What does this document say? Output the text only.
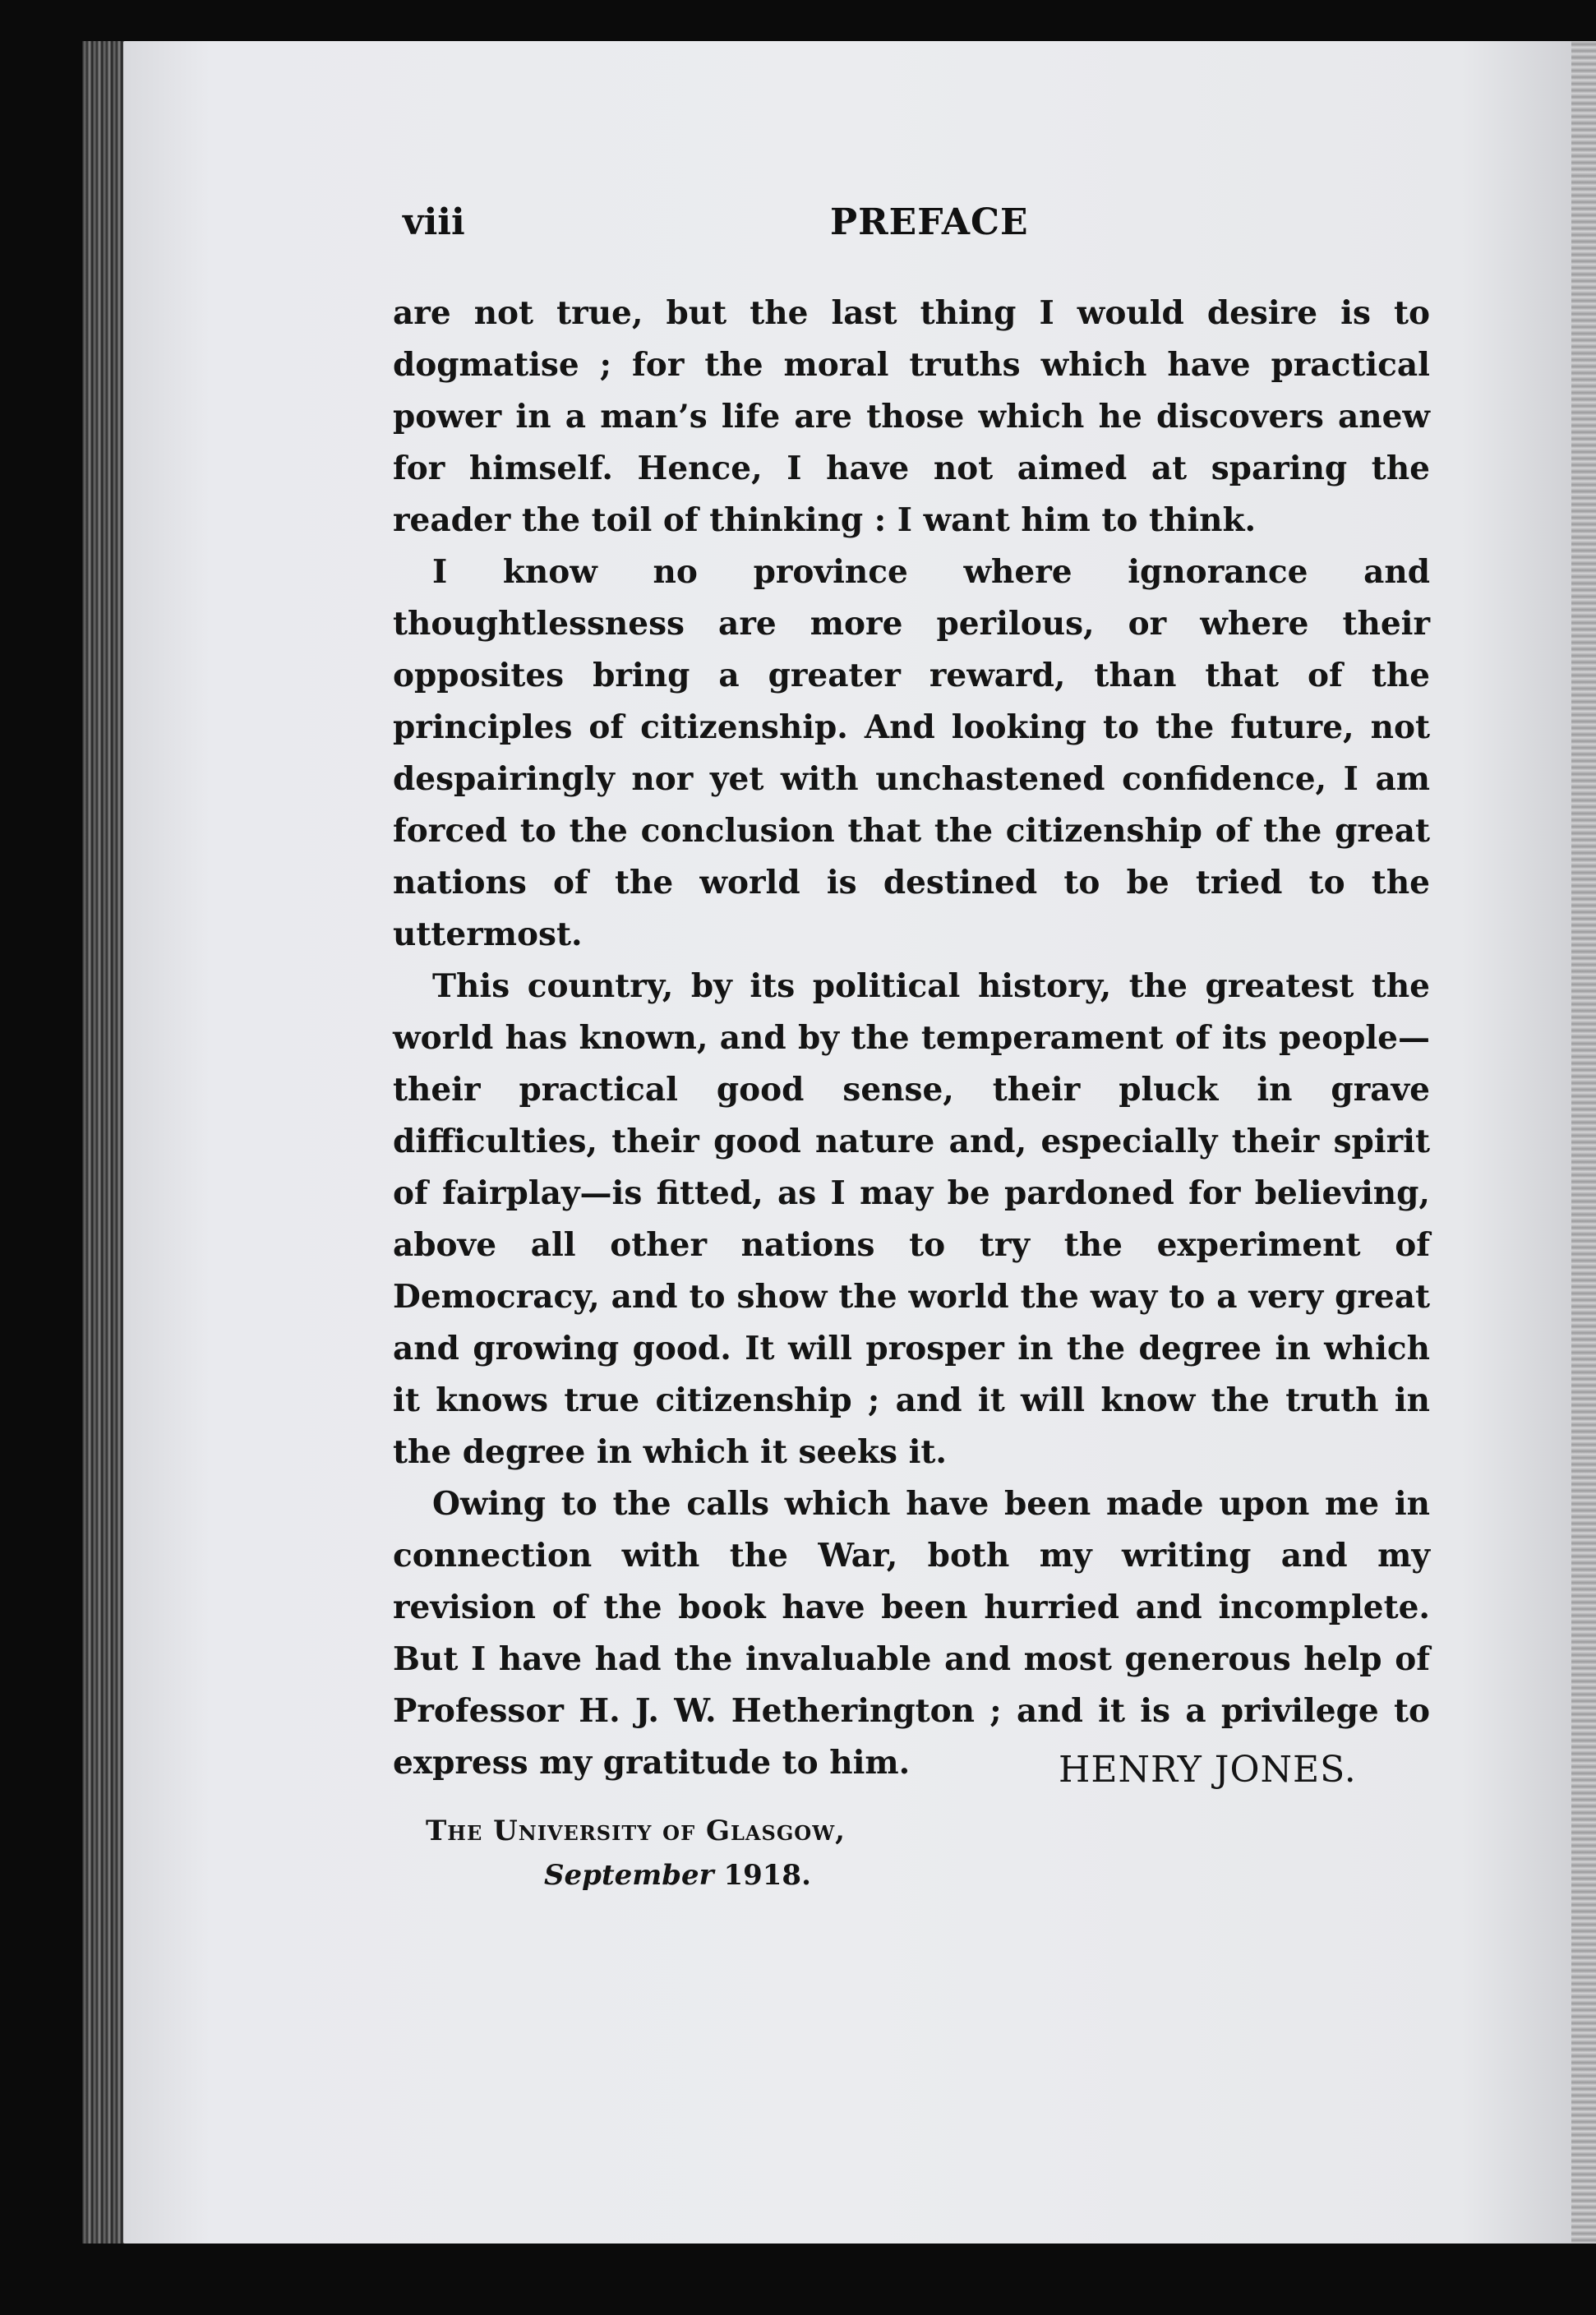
viii	PREFACE

are not true, but the last thing I would desire is to dogmatise ; for the moral truths which have practical power in a man’s life are those which he discovers anew for himself. Hence, I have not aimed at sparing the reader the toil of thinking : I want him to think.

I know no province where ignorance and thoughtlessness are more perilous, or where their opposites bring a greater reward, than that of the principles of citizenship. And looking to the future, not despairingly nor yet with unchastened confidence, I am forced to the conclusion that the citizenship of the great nations of the world is destined to be tried to the uttermost.

This country, by its political history, the greatest the world has known, and by the temperament of its people—their practical good sense, their pluck in grave difficulties, their good nature and, especially their spirit of fairplay—is fitted, as I may be pardoned for believing, above all other nations to try the experiment of Democracy, and to show the world the way to a very great and growing good. It will prosper in the degree in which it knows true citizenship ; and it will know the truth in the degree in which it seeks it.

Owing to the calls which have been made upon me in connection with the War, both my writing and my revision of the book have been hurried and incomplete. But I have had the invaluable and most generous help of Professor H. J. W. Hetherington ; and it is a privilege to express my gratitude to him.	HENRY JONES.
The University of Glasgow,
September 1918.
